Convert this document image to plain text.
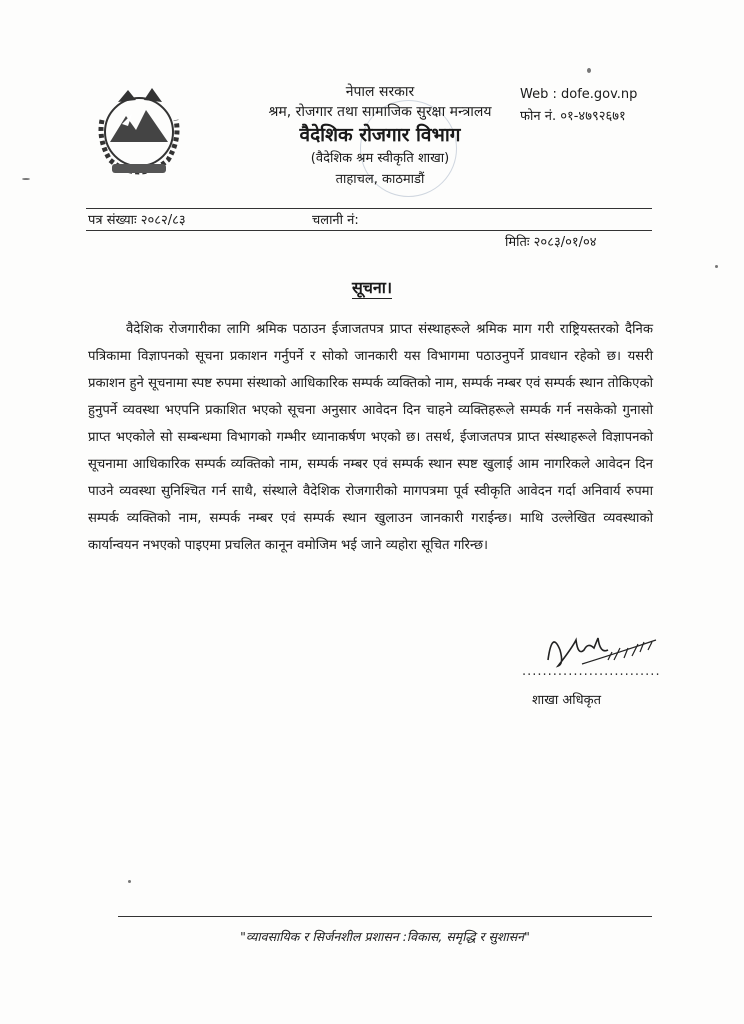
नेपाल सरकार
श्रम, रोजगार तथा सामाजिक सुरक्षा मन्त्रालय
वैदेशिक रोजगार विभाग
(वैदेशिक श्रम स्वीकृति शाखा)
ताहाचल, काठमाडौं
Web : dofe.gov.np
फोन नं. ०१-४७९२६७१
पत्र संख्याः २०८२/८३	चलानी नं:
मितिः २०८३/०१/०४
सूचना।
वैदेशिक रोजगारीका लागि श्रमिक पठाउन ईजाजतपत्र प्राप्त संस्थाहरूले श्रमिक माग गरी राष्ट्रियस्तरको दैनिक पत्रिकामा विज्ञापनको सूचना प्रकाशन गर्नुपर्ने र सोको जानकारी यस विभागमा पठाउनुपर्ने प्रावधान रहेको छ। यसरी प्रकाशन हुने सूचनामा स्पष्ट रुपमा संस्थाको आधिकारिक सम्पर्क व्यक्तिको नाम, सम्पर्क नम्बर एवं सम्पर्क स्थान तोकिएको हुनुपर्ने व्यवस्था भएपनि प्रकाशित भएको सूचना अनुसार आवेदन दिन चाहने व्यक्तिहरूले सम्पर्क गर्न नसकेको गुनासो प्राप्त भएकोले सो सम्बन्धमा विभागको गम्भीर ध्यानाकर्षण भएको छ। तसर्थ, ईजाजतपत्र प्राप्त संस्थाहरूले विज्ञापनको सूचनामा आधिकारिक सम्पर्क व्यक्तिको नाम, सम्पर्क नम्बर एवं सम्पर्क स्थान स्पष्ट खुलाई आम नागरिकले आवेदन दिन पाउने व्यवस्था सुनिश्चित गर्न साथै, संस्थाले वैदेशिक रोजगारीको मागपत्रमा पूर्व स्वीकृति आवेदन गर्दा अनिवार्य रुपमा सम्पर्क व्यक्तिको नाम, सम्पर्क नम्बर एवं सम्पर्क स्थान खुलाउन जानकारी गराईन्छ। माथि उल्लेखित व्यवस्थाको कार्यान्वयन नभएको पाइएमा प्रचलित कानून वमोजिम भई जाने व्यहोरा सूचित गरिन्छ।
...........................
शाखा अधिकृत
"व्यावसायिक र सिर्जनशील प्रशासन :विकास, समृद्धि र सुशासन"
